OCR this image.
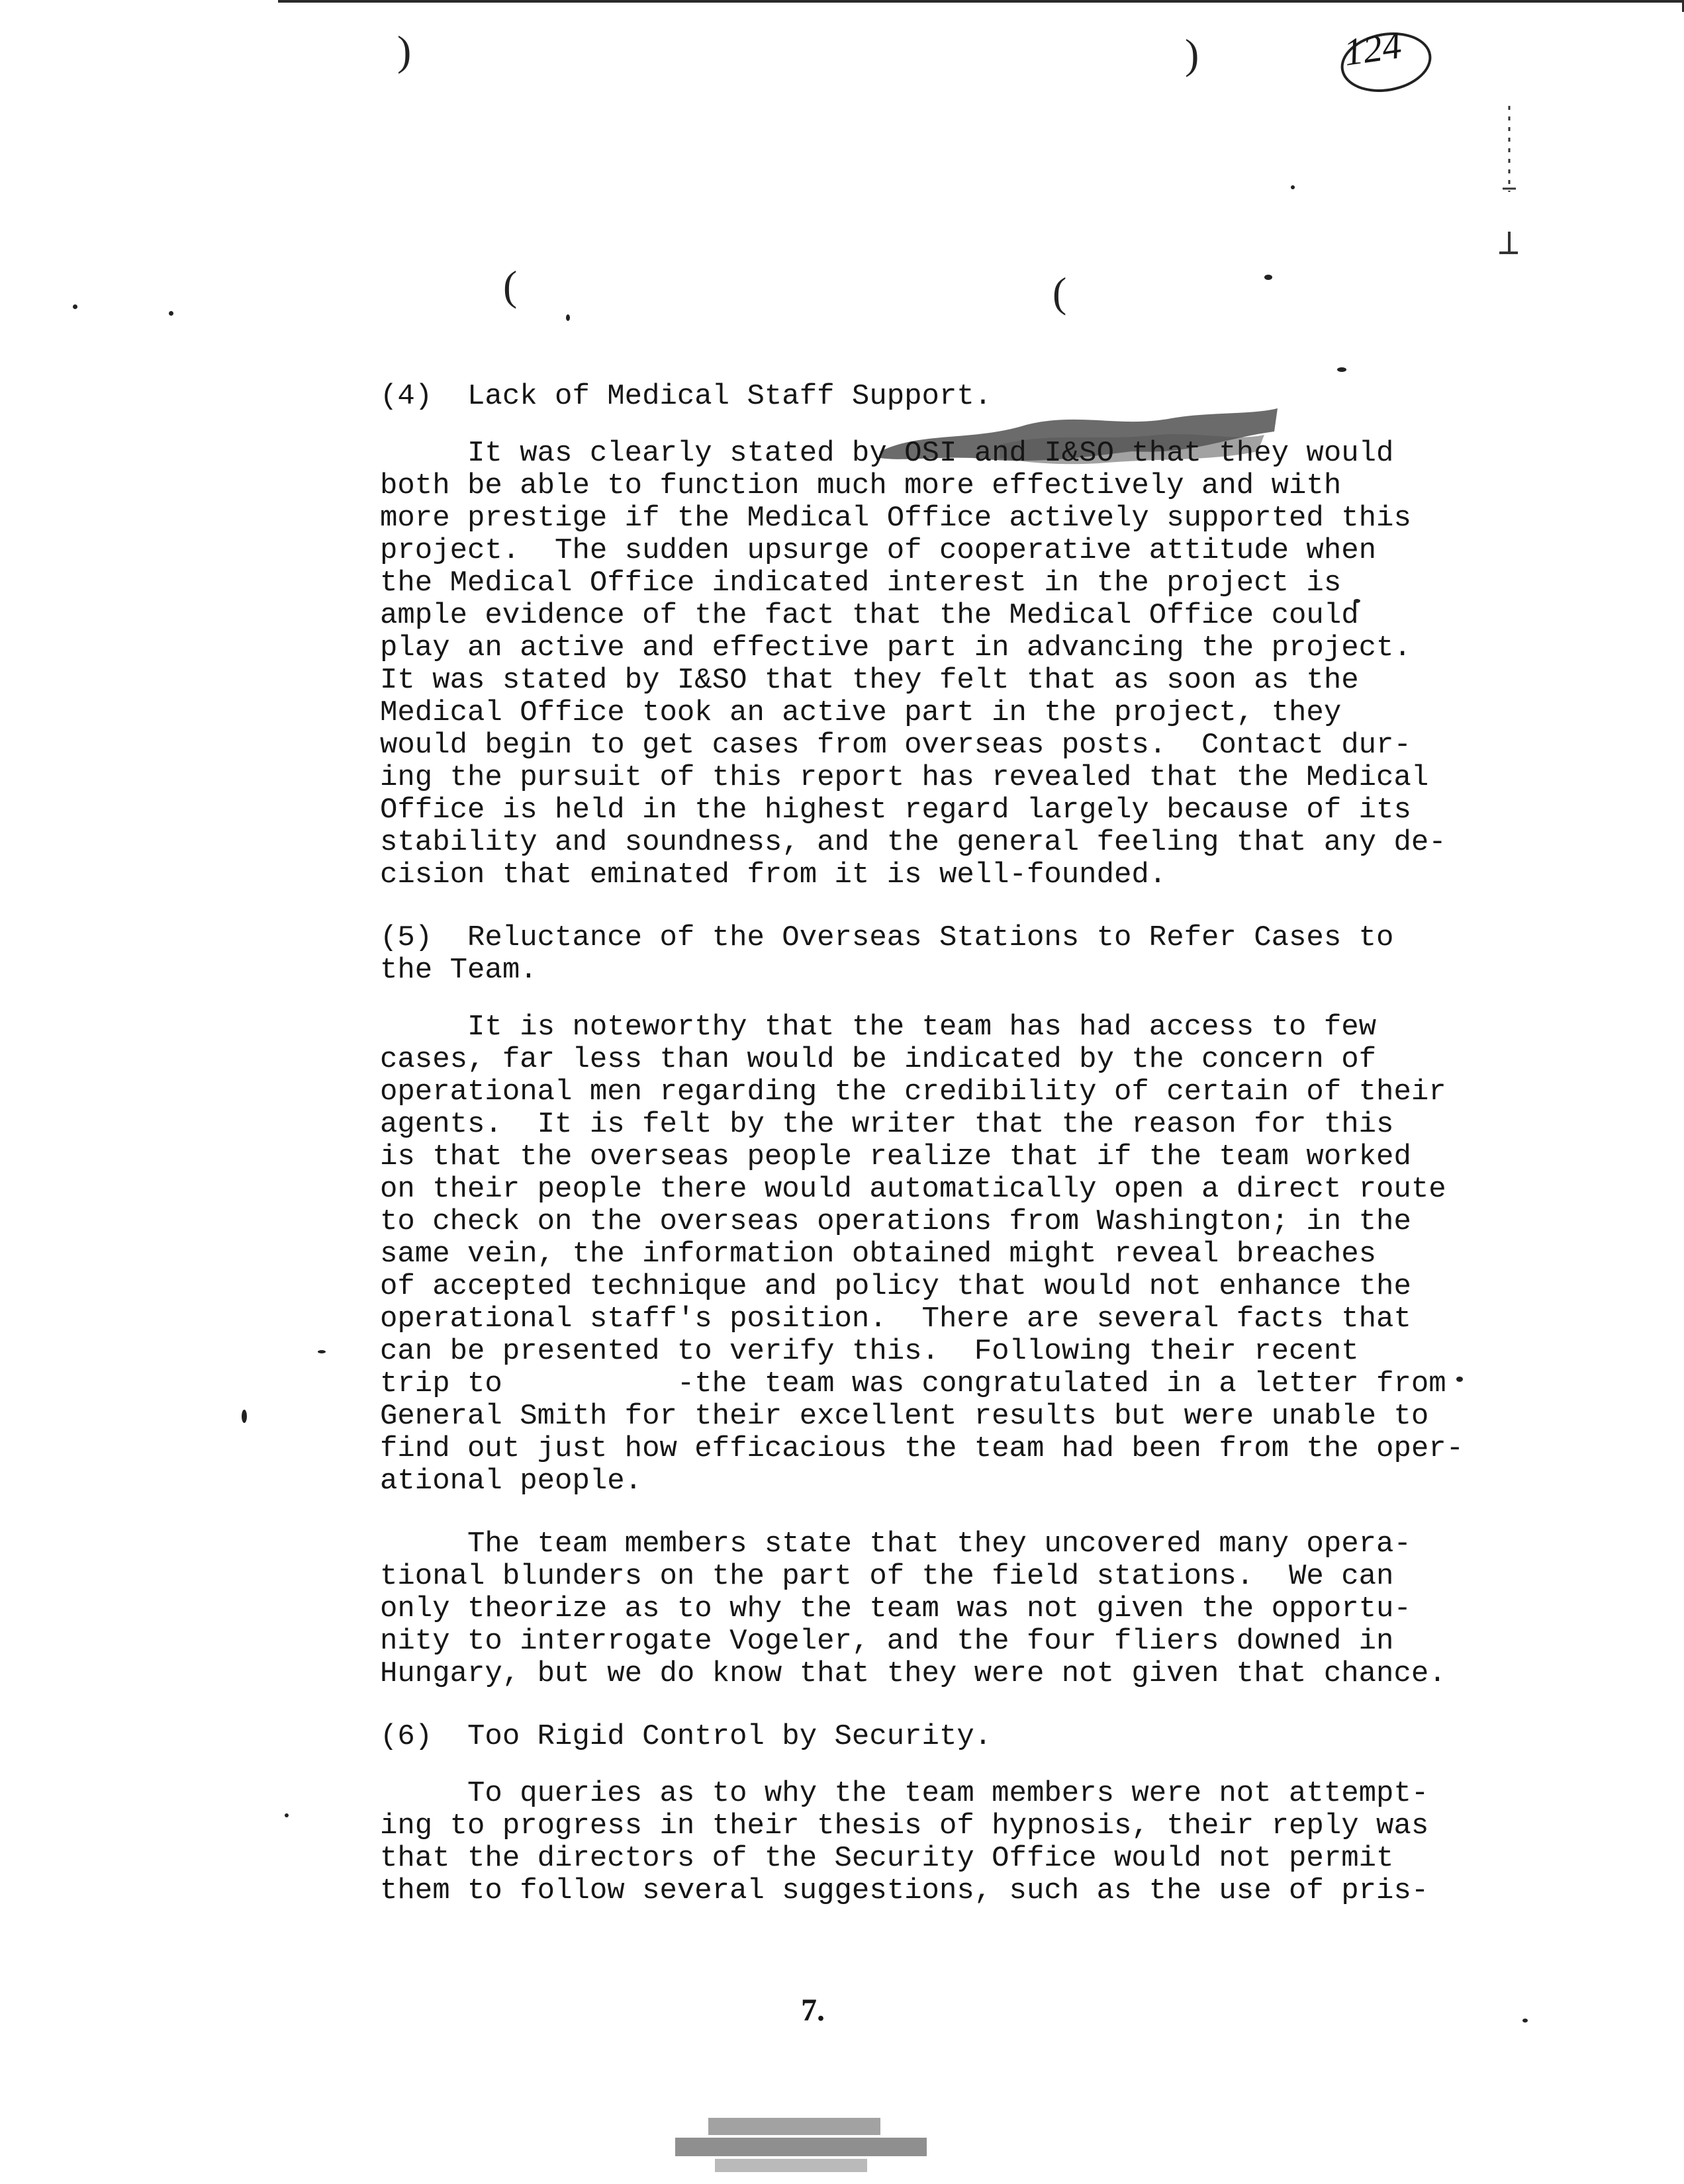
124
)	)
(	(
(4)  Lack of Medical Staff Support.
It was clearly stated by OSI and I&SO that they would
both be able to function much more effectively and with
more prestige if the Medical Office actively supported this
project.  The sudden upsurge of cooperative attitude when
the Medical Office indicated interest in the project is
ample evidence of the fact that the Medical Office could
play an active and effective part in advancing the project.
It was stated by I&SO that they felt that as soon as the
Medical Office took an active part in the project, they
would begin to get cases from overseas posts.  Contact dur-
ing the pursuit of this report has revealed that the Medical
Office is held in the highest regard largely because of its
stability and soundness, and the general feeling that any de-
cision that eminated from it is well-founded.
(5)  Reluctance of the Overseas Stations to Refer Cases to
the Team.
It is noteworthy that the team has had access to few
cases, far less than would be indicated by the concern of
operational men regarding the credibility of certain of their
agents.  It is felt by the writer that the reason for this
is that the overseas people realize that if the team worked
on their people there would automatically open a direct route
to check on the overseas operations from Washington; in the
same vein, the information obtained might reveal breaches
of accepted technique and policy that would not enhance the
operational staff's position.  There are several facts that
can be presented to verify this.  Following their recent
trip to          -the team was congratulated in a letter from
General Smith for their excellent results but were unable to
find out just how efficacious the team had been from the oper-
ational people.
The team members state that they uncovered many opera-
tional blunders on the part of the field stations.  We can
only theorize as to why the team was not given the opportu-
nity to interrogate Vogeler, and the four fliers downed in
Hungary, but we do know that they were not given that chance.
(6)  Too Rigid Control by Security.
To queries as to why the team members were not attempt-
ing to progress in their thesis of hypnosis, their reply was
that the directors of the Security Office would not permit
them to follow several suggestions, such as the use of pris-
7.
